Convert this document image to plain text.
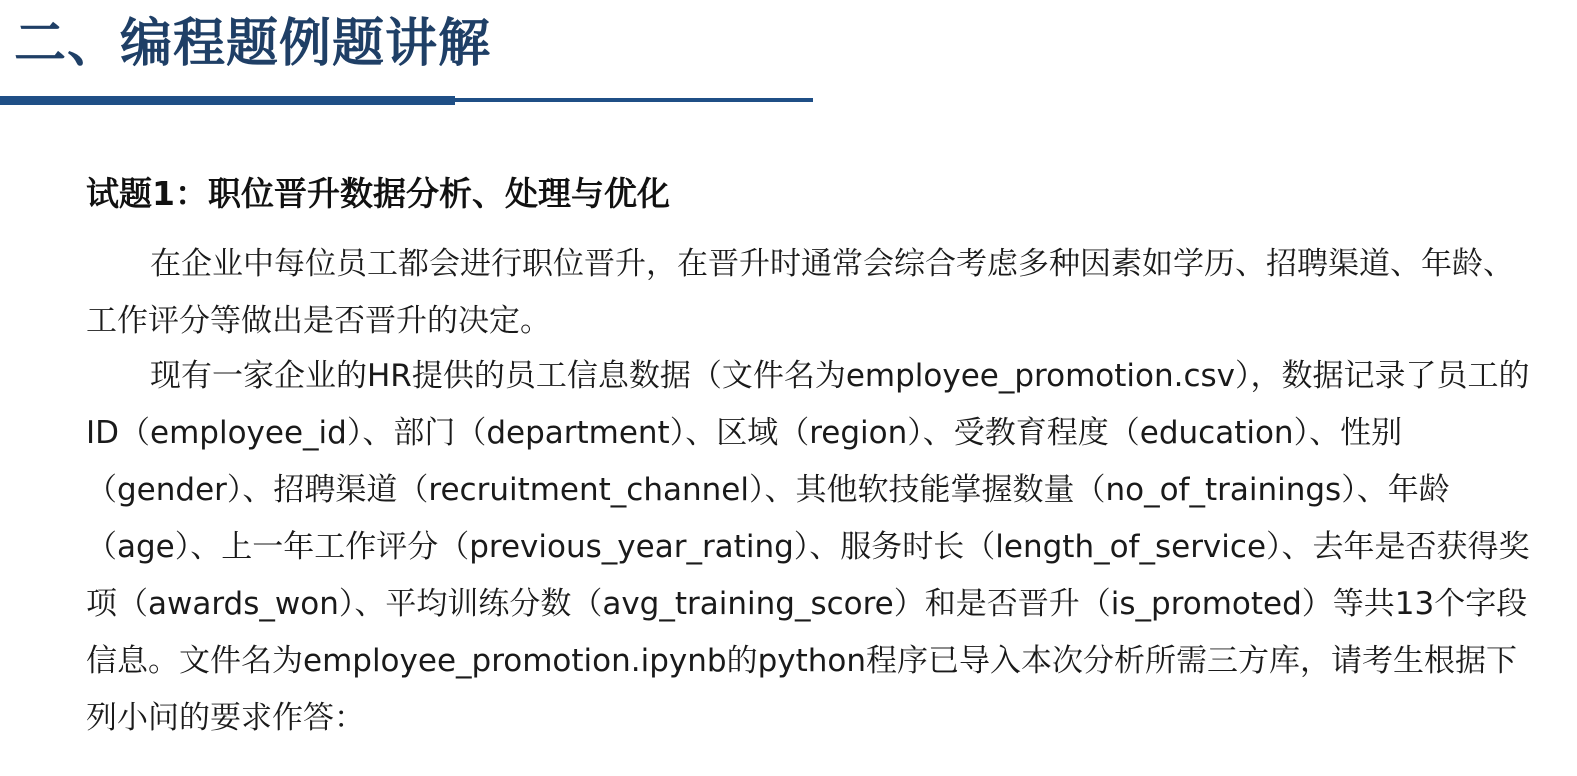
二、编程题例题讲解
试题1：职位晋升数据分析、处理与优化

在企业中每位员工都会进行职位晋升，在晋升时通常会综合考虑多种因素如学历、招聘渠道、年龄、工作评分等做出是否晋升的决定。

现有一家企业的HR提供的员工信息数据（文件名为employee_promotion.csv），数据记录了员工的ID（employee_id）、部门（department）、区域（region）、受教育程度（education）、性别（gender）、招聘渠道（recruitment_channel）、其他软技能掌握数量（no_of_trainings）、年龄（age）、上一年工作评分（previous_year_rating）、服务时长（length_of_service）、去年是否获得奖项（awards_won）、平均训练分数（avg_training_score）和是否晋升（is_promoted）等共13个字段信息。文件名为employee_promotion.ipynb的python程序已导入本次分析所需三方库，请考生根据下列小问的要求作答：
